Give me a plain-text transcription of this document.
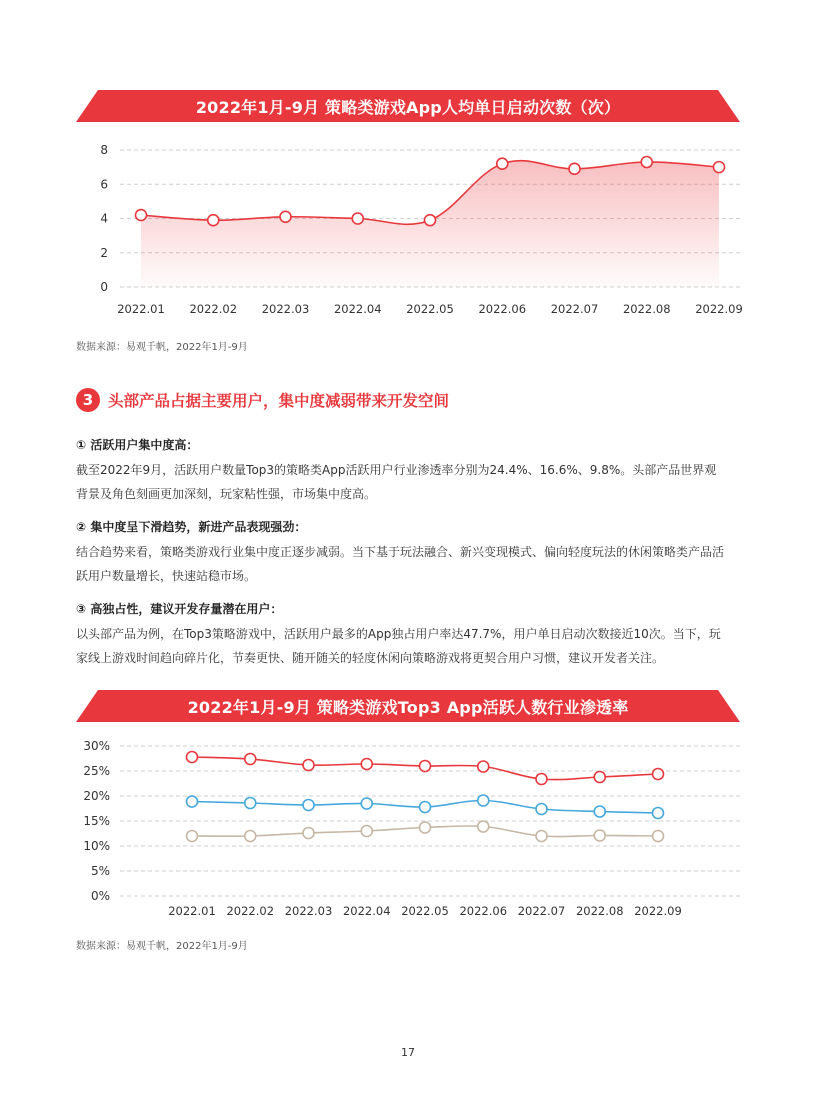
2022年1月-9月 策略类游戏App人均单日启动次数（次）
0
2
4
6
8
2022.01 2022.02 2022.03 2022.04 2022.05 2022.06 2022.07 2022.08 2022.09
数据来源：易观千帆，2022年1月-9月
3 头部产品占据主要用户，集中度减弱带来开发空间
① 活跃用户集中度高：
截至2022年9月，活跃用户数量Top3的策略类App活跃用户行业渗透率分别为24.4%、16.6%、9.8%。头部产品世界观
背景及角色刻画更加深刻，玩家粘性强，市场集中度高。
② 集中度呈下滑趋势，新进产品表现强劲：
结合趋势来看，策略类游戏行业集中度正逐步减弱。当下基于玩法融合、新兴变现模式、偏向轻度玩法的休闲策略类产品活
跃用户数量增长，快速站稳市场。
③ 高独占性，建议开发存量潜在用户：
以头部产品为例，在Top3策略游戏中，活跃用户最多的App独占用户率达47.7%，用户单日启动次数接近10次。当下，玩
家线上游戏时间趋向碎片化，节奏更快、随开随关的轻度休闲向策略游戏将更契合用户习惯，建议开发者关注。
2022年1月-9月 策略类游戏Top3 App活跃人数行业渗透率
0%
5%
10%
15%
20%
25%
30%
2022.01 2022.02 2022.03 2022.04 2022.05 2022.06 2022.07 2022.08 2022.09
数据来源：易观千帆，2022年1月-9月
17
